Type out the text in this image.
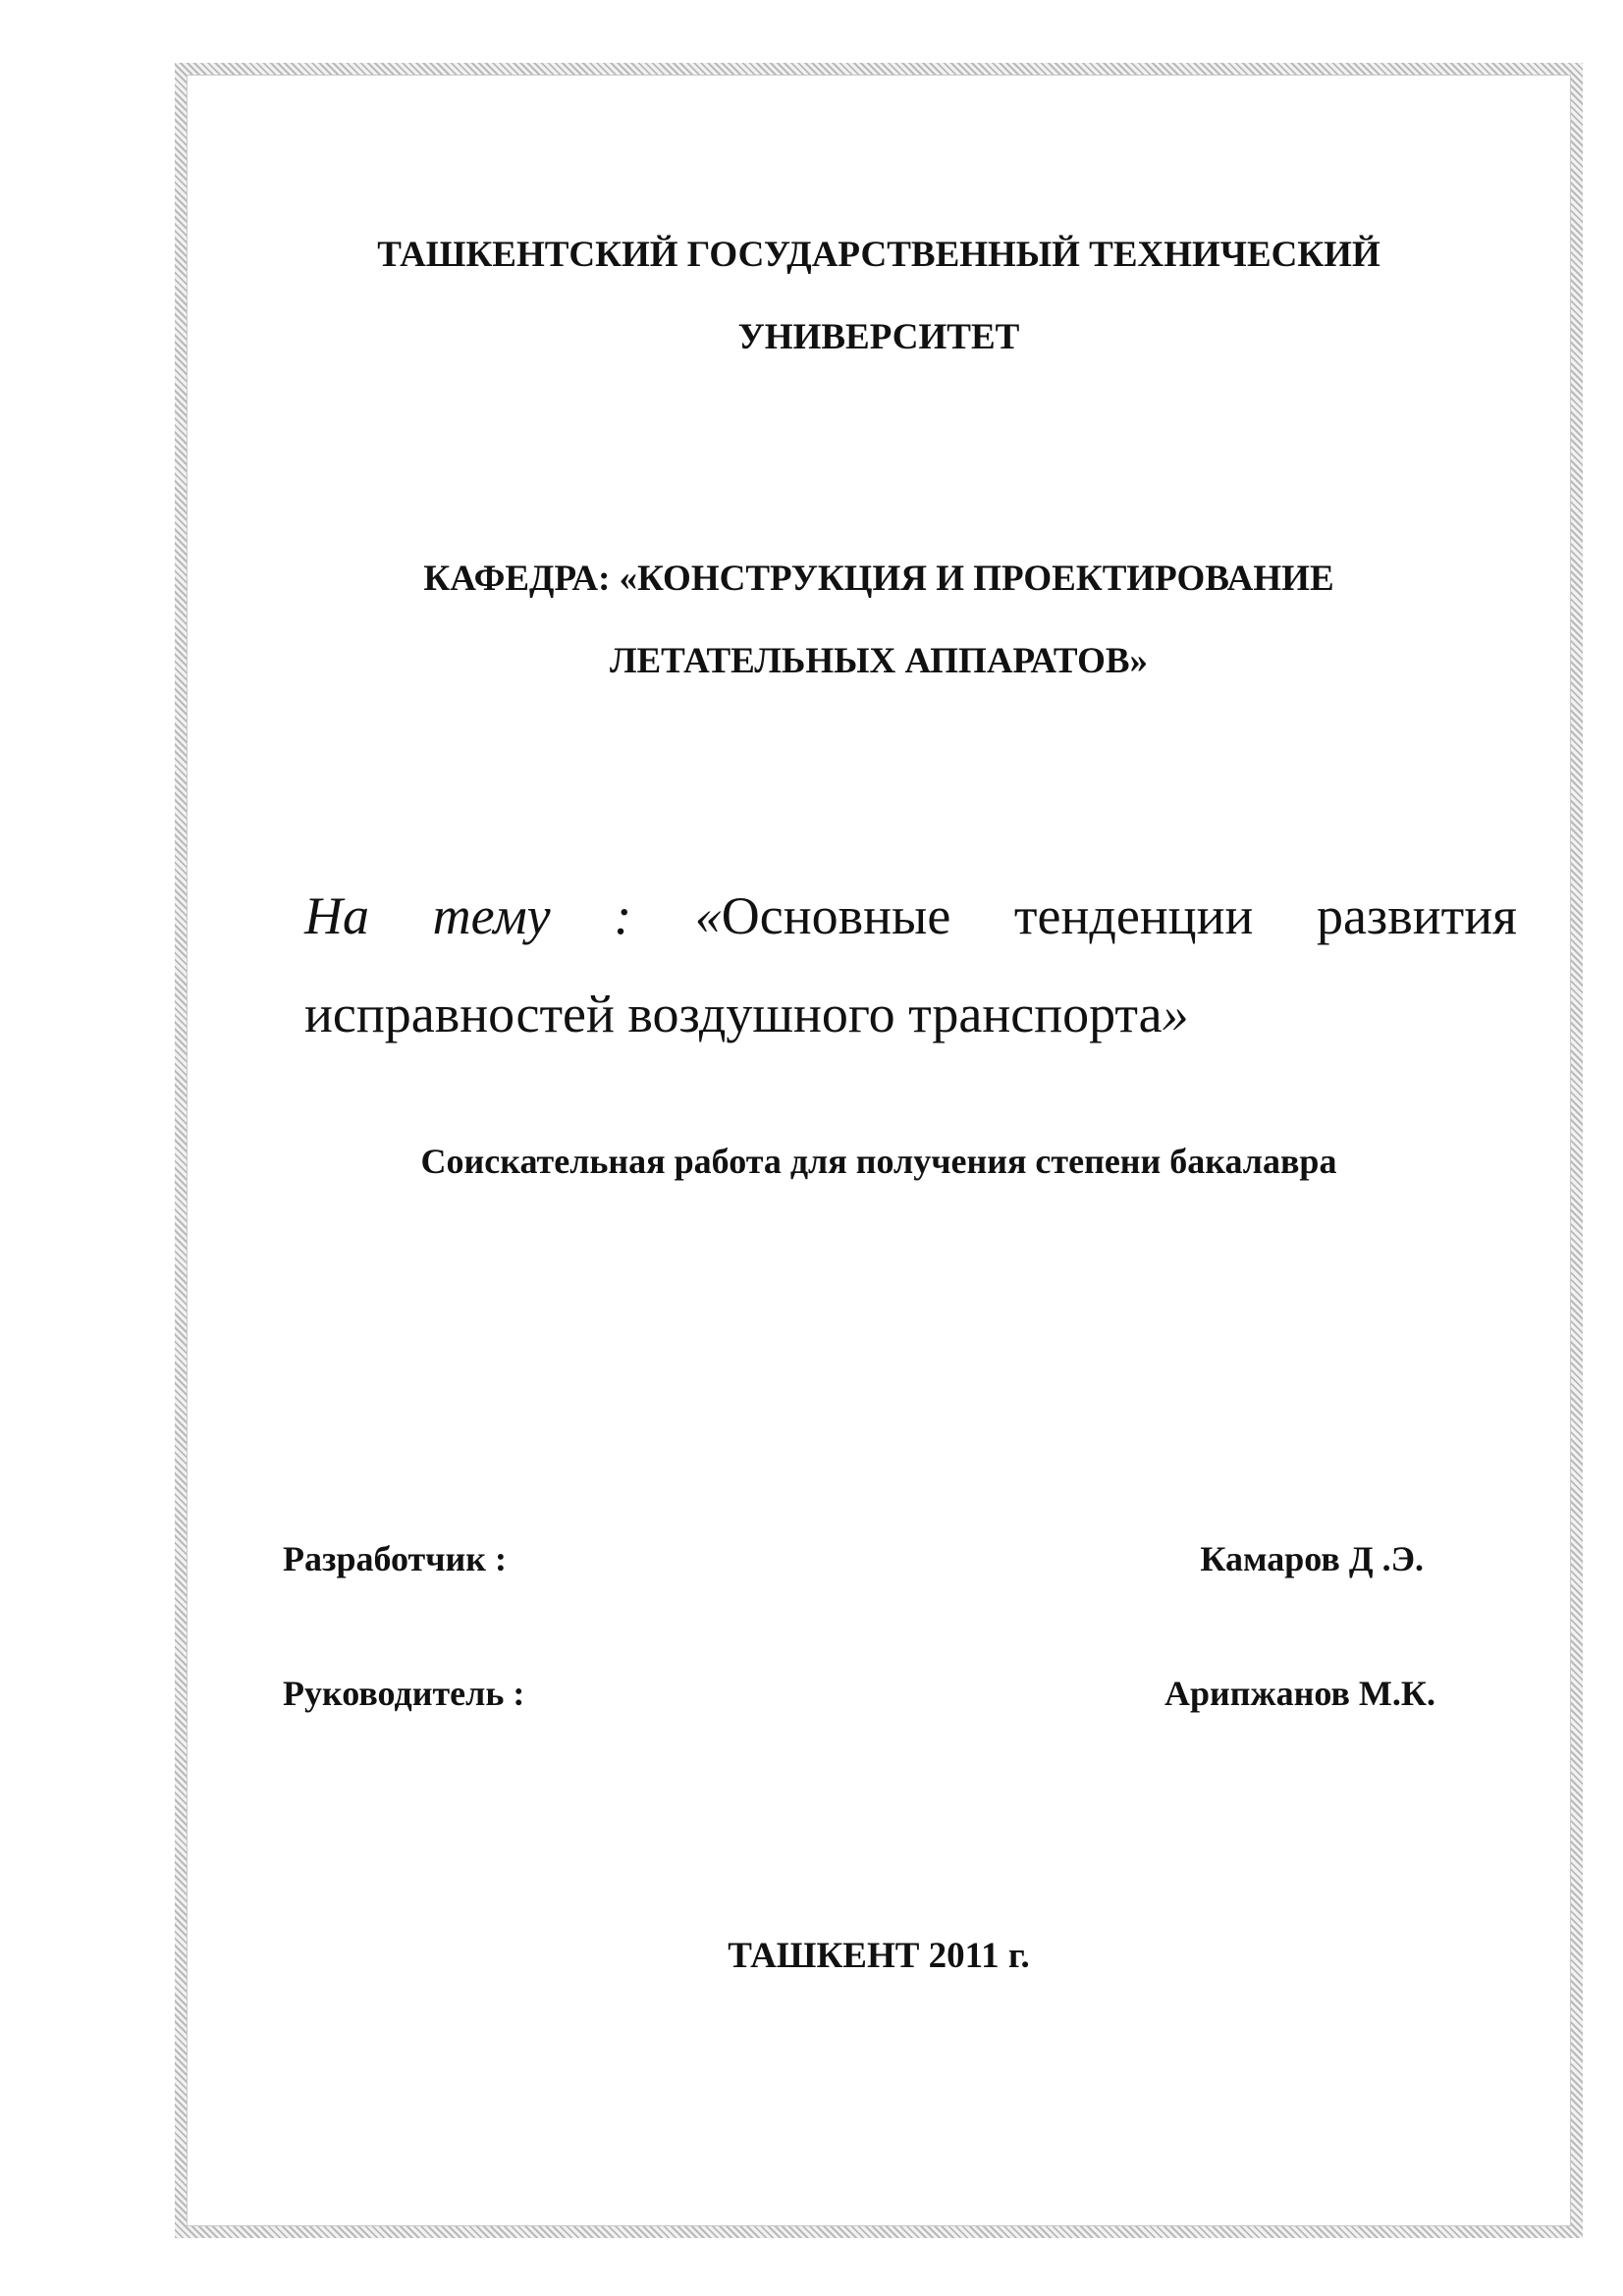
ТАШКЕНТСКИЙ ГОСУДАРСТВЕННЫЙ ТЕХНИЧЕСКИЙ
УНИВЕРСИТЕТ
КАФЕДРА: «КОНСТРУКЦИЯ И ПРОЕКТИРОВАНИЕ
ЛЕТАТЕЛЬНЫХ АППАРАТОВ»
На тему : «Основные тенденции развития
исправностей воздушного транспорта»
Соискательная работа для получения степени бакалавра
Разработчик :	Камаров Д .Э.
Руководитель :	Арипжанов М.К.
ТАШКЕНТ 2011 г.
